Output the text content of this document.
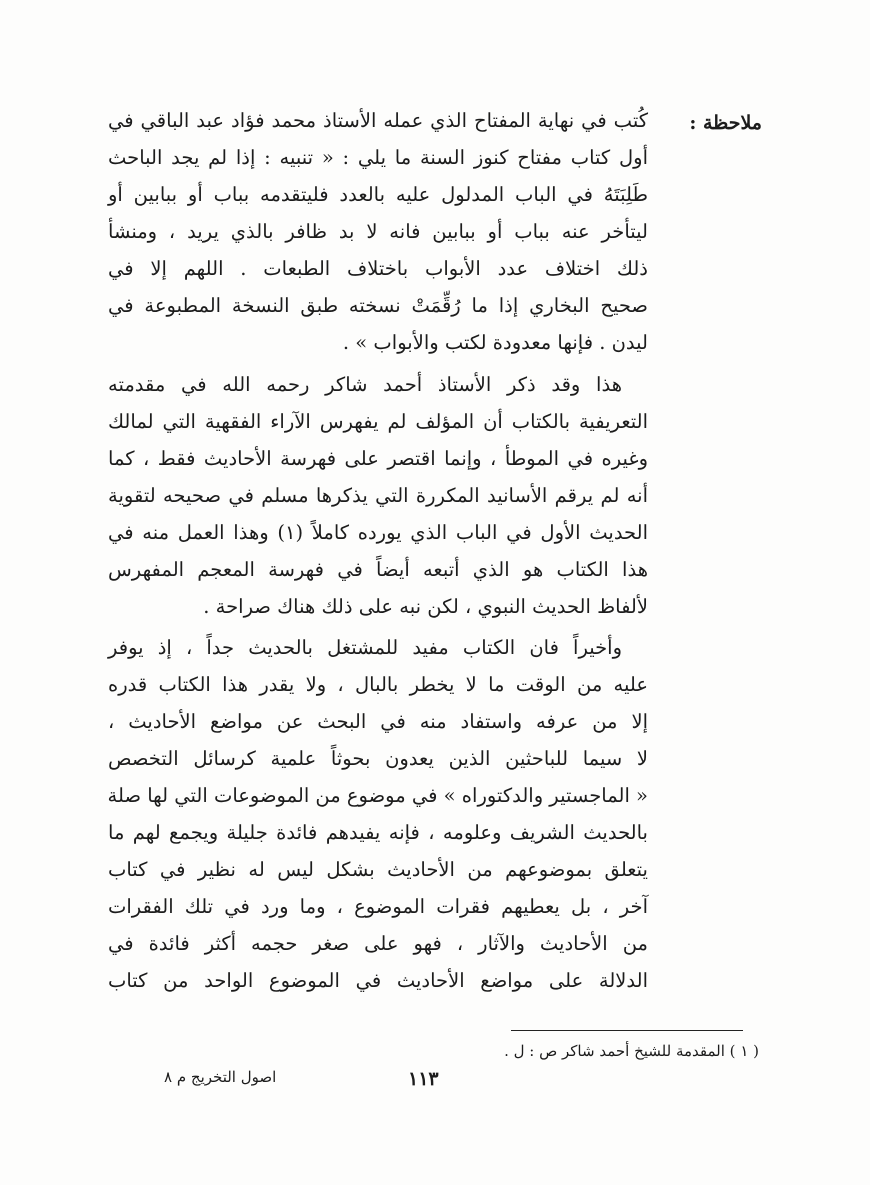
ملاحظة :
كُتب في نهاية المفتاح الذي عمله الأستاذ محمد فؤاد عبد الباقي في
أول كتاب مفتاح كنوز السنة ما يلي : « تنبيه : إذا لم يجد الباحث
طَلِبَتَهُ في الباب المدلول عليه بالعدد فليتقدمه بباب أو ببابين أو
ليتأخر عنه بباب أو ببابين فانه لا بد ظافر بالذي يريد ، ومنشأ
ذلك اختلاف عدد الأبواب باختلاف الطبعات . اللهم إلا في
صحيح البخاري إذا ما رُقِّمَتْ نسخته طبق النسخة المطبوعة في
ليدن . فإنها معدودة لكتب والأبواب » .
هذا وقد ذكر الأستاذ أحمد شاكر رحمه الله في مقدمته
التعريفية بالكتاب أن المؤلف لم يفهرس الآراء الفقهية التي لمالك
وغيره في الموطأ ، وإنما اقتصر على فهرسة الأحاديث فقط ، كما
أنه لم يرقم الأسانيد المكررة التي يذكرها مسلم في صحيحه لتقوية
الحديث الأول في الباب الذي يورده كاملاً (١) وهذا العمل منه في
هذا الكتاب هو الذي أتبعه أيضاً في فهرسة المعجم المفهرس
لألفاظ الحديث النبوي ، لكن نبه على ذلك هناك صراحة .
وأخيراً فان الكتاب مفيد للمشتغل بالحديث جداً ، إذ يوفر
عليه من الوقت ما لا يخطر بالبال ، ولا يقدر هذا الكتاب قدره
إلا من عرفه واستفاد منه في البحث عن مواضع الأحاديث ،
لا سيما للباحثين الذين يعدون بحوثاً علمية كرسائل التخصص
« الماجستير والدكتوراه » في موضوع من الموضوعات التي لها صلة
بالحديث الشريف وعلومه ، فإنه يفيدهم فائدة جليلة ويجمع لهم ما
يتعلق بموضوعهم من الأحاديث بشكل ليس له نظير في كتاب
آخر ، بل يعطيهم فقرات الموضوع ، وما ورد في تلك الفقرات
من الأحاديث والآثار ، فهو على صغر حجمه أكثر فائدة في
الدلالة على مواضع الأحاديث في الموضوع الواحد من كتاب
( ١ ) المقدمة للشيخ أحمد شاكر ص : ل .
١١٣
اصول التخريج م ٨
